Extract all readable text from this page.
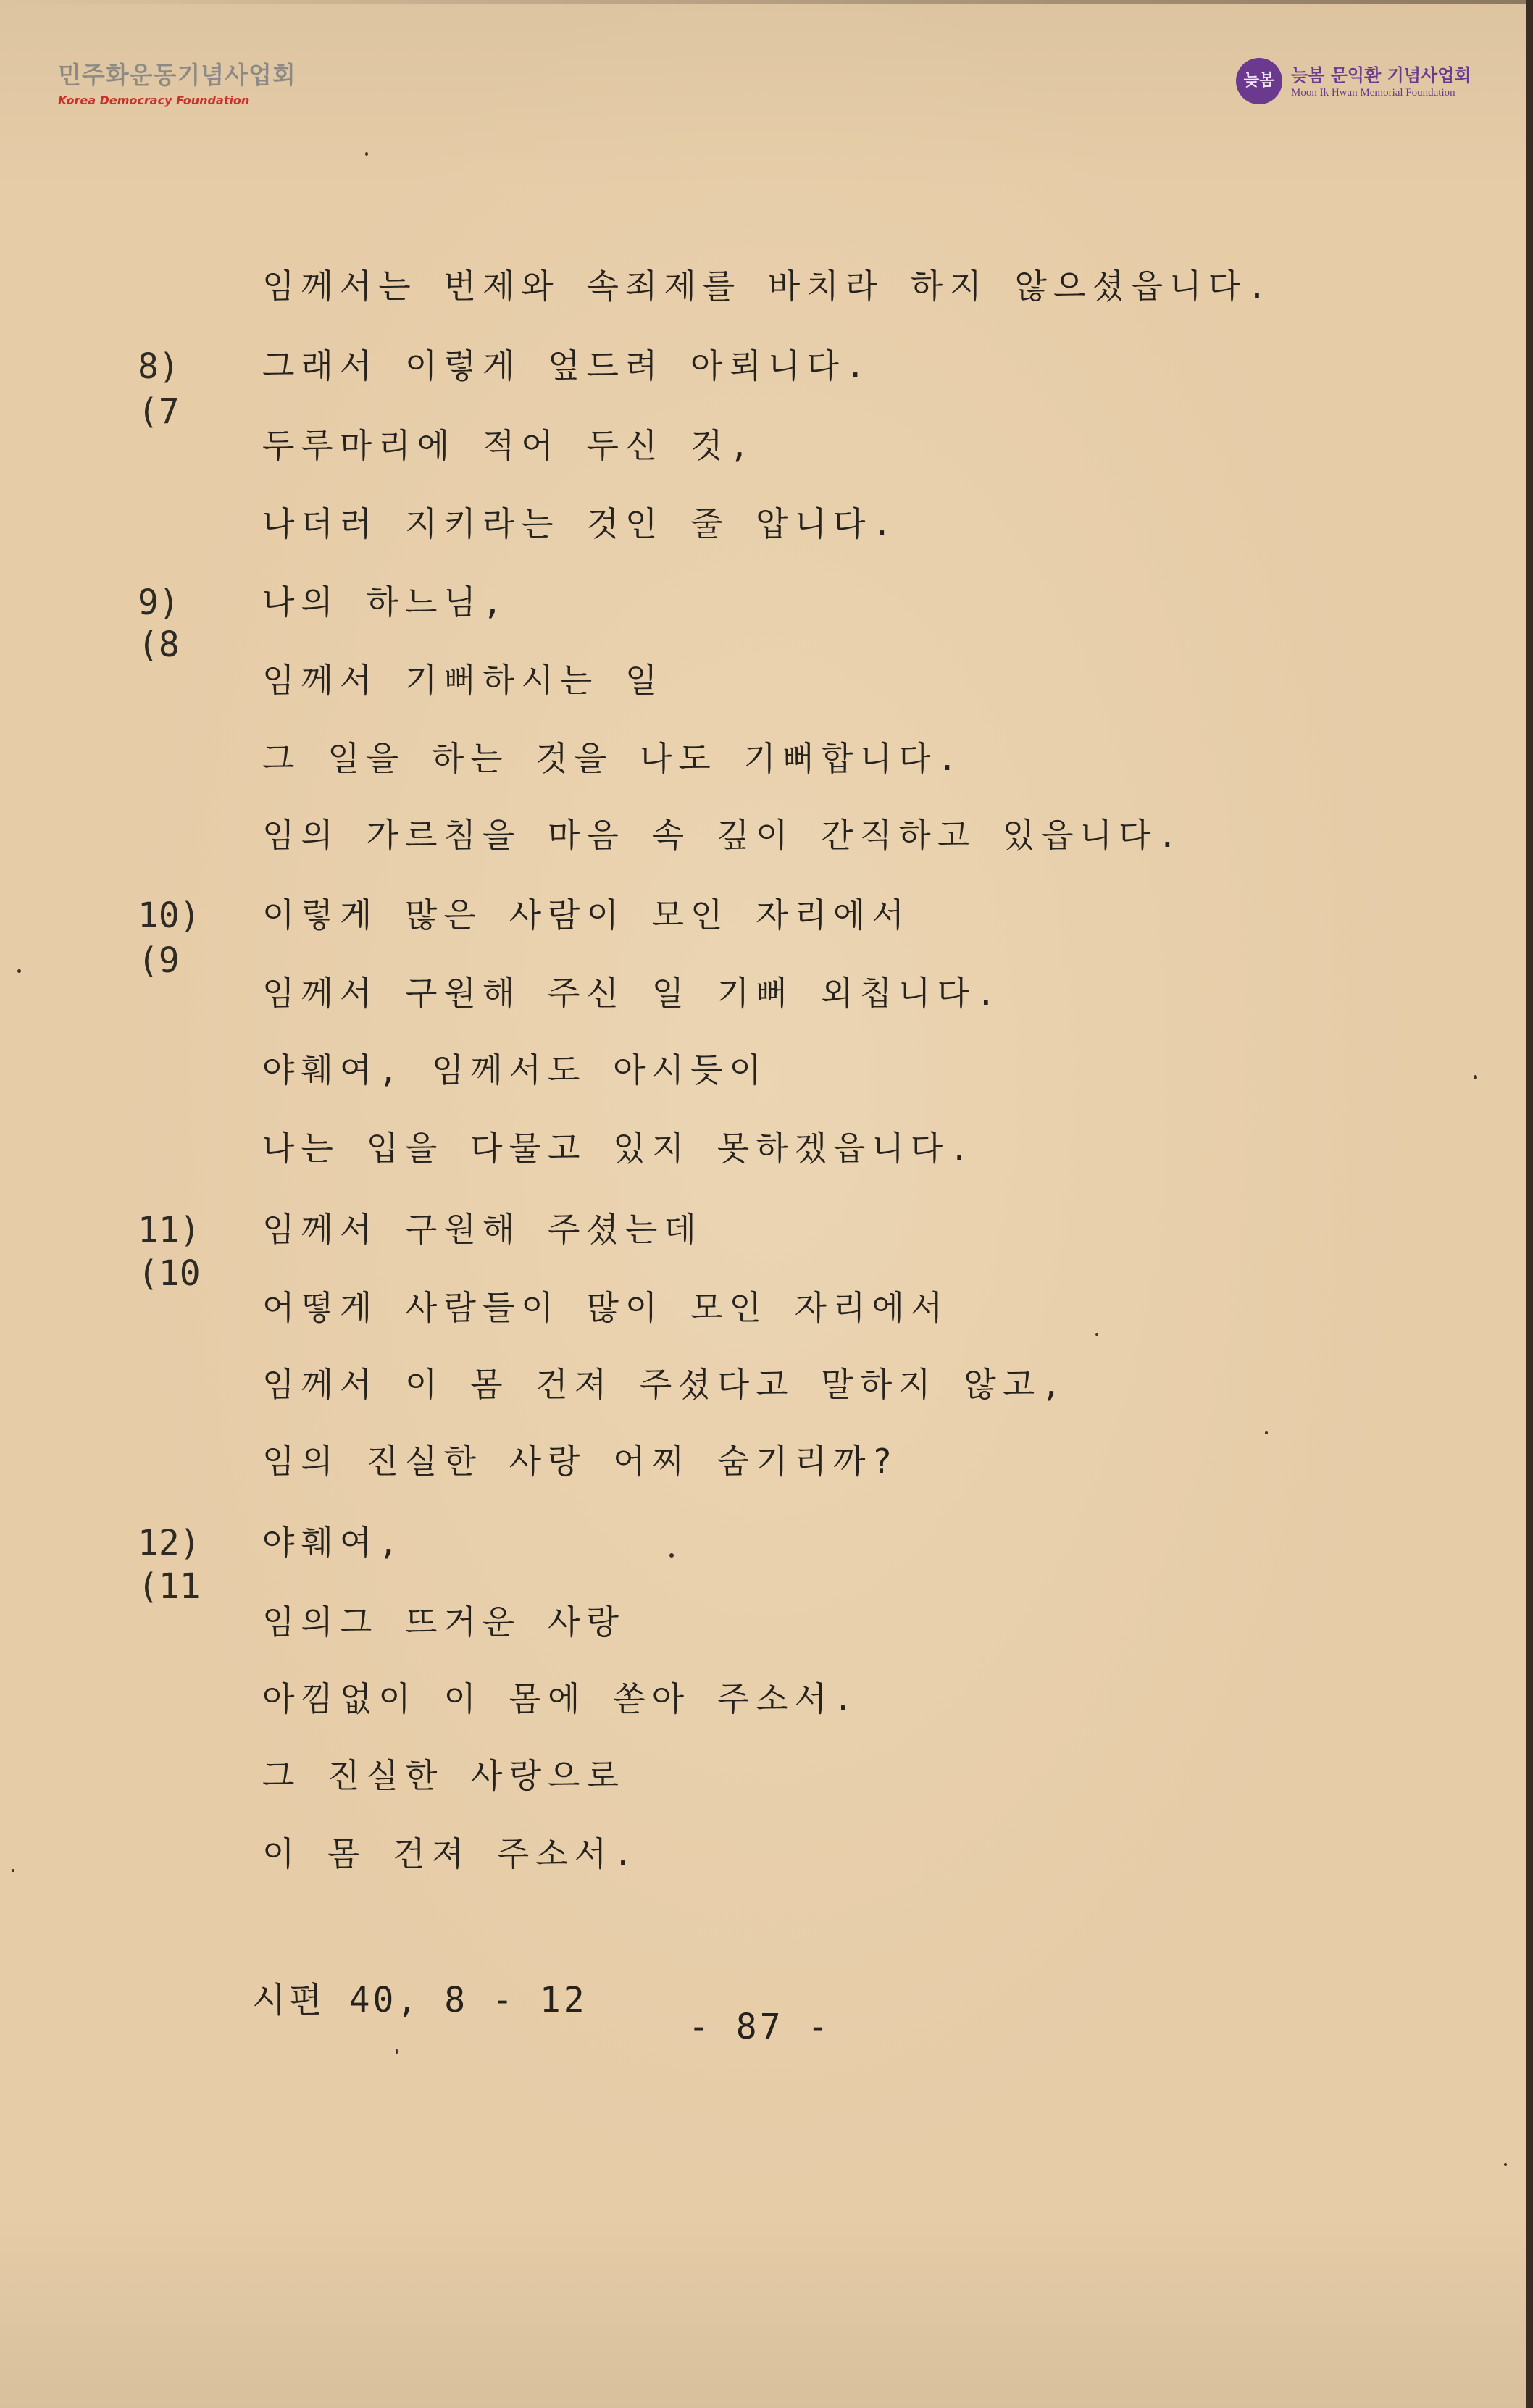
민주화운동기념사업회
Korea Democracy Foundation
늦봄 늦봄 문익환 기념사업회
Moon Ik Hwan Memorial Foundation
8)
(7
9)
(8
10)
(9
11)
(10
12)
(11
임께서는 번제와 속죄제를 바치라 하지 않으셨읍니다.
그래서 이렇게 엎드려 아뢰니다.
두루마리에 적어 두신 것,
나더러 지키라는 것인 줄 압니다.
나의 하느님,
임께서 기뻐하시는 일
그 일을 하는 것을 나도 기뻐합니다.
임의 가르침을 마음 속 깊이 간직하고 있읍니다.
이렇게 많은 사람이 모인 자리에서
임께서 구원해 주신 일 기뻐 외칩니다.
야훼여, 임께서도 아시듯이
나는 입을 다물고 있지 못하겠읍니다.
임께서 구원해 주셨는데
어떻게 사람들이 많이 모인 자리에서
임께서 이 몸 건져 주셨다고 말하지 않고,
임의 진실한 사랑 어찌 숨기리까?
야훼여,
임의그 뜨거운 사랑
아낌없이 이 몸에 쏟아 주소서.
그 진실한 사랑으로
이 몸 건져 주소서.
시편 40, 8 - 12
- 87 -
